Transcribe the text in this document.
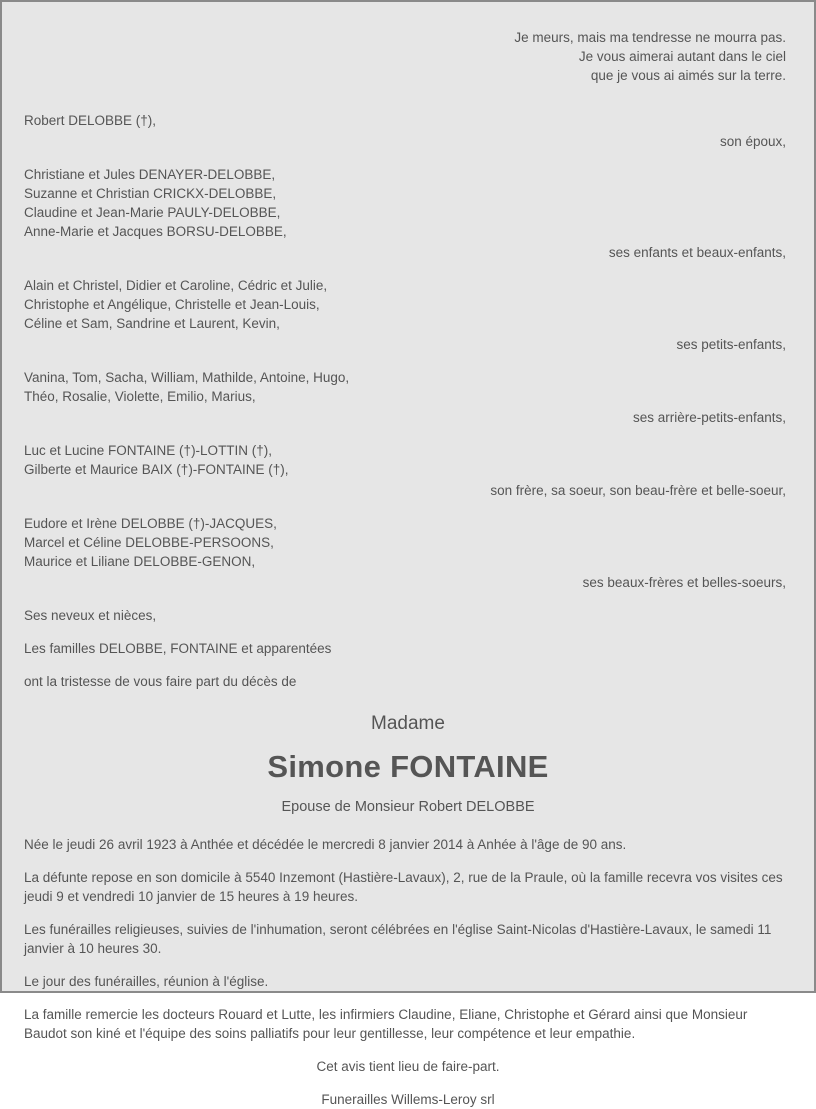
Je meurs, mais ma tendresse ne mourra pas.
Je vous aimerai autant dans le ciel
que je vous ai aimés sur la terre.
Robert DELOBBE (†),
son époux,
Christiane et Jules DENAYER-DELOBBE,
Suzanne et Christian CRICKX-DELOBBE,
Claudine et Jean-Marie PAULY-DELOBBE,
Anne-Marie et Jacques BORSU-DELOBBE,
ses enfants et beaux-enfants,
Alain et Christel, Didier et Caroline, Cédric et Julie,
Christophe et Angélique, Christelle et Jean-Louis,
Céline et Sam, Sandrine et Laurent, Kevin,
ses petits-enfants,
Vanina, Tom, Sacha, William, Mathilde, Antoine, Hugo,
Théo, Rosalie, Violette, Emilio, Marius,
ses arrière-petits-enfants,
Luc et Lucine FONTAINE (†)-LOTTIN (†),
Gilberte et Maurice BAIX (†)-FONTAINE (†),
son frère, sa soeur, son beau-frère et belle-soeur,
Eudore et Irène DELOBBE (†)-JACQUES,
Marcel et Céline DELOBBE-PERSOONS,
Maurice et Liliane DELOBBE-GENON,
ses beaux-frères et belles-soeurs,
Ses neveux et nièces,
Les familles DELOBBE, FONTAINE et apparentées
ont la tristesse de vous faire part du décès de
Madame
Simone FONTAINE
Epouse de Monsieur Robert DELOBBE
Née le jeudi 26 avril 1923 à Anthée et décédée le mercredi 8 janvier 2014 à Anhée à l'âge de 90 ans.
La défunte repose en son domicile à 5540 Inzemont (Hastière-Lavaux), 2, rue de la Praule, où la famille recevra vos visites ces jeudi 9 et vendredi 10 janvier de 15 heures à 19 heures.
Les funérailles religieuses, suivies de l'inhumation, seront célébrées en l'église Saint-Nicolas d'Hastière-Lavaux, le samedi 11 janvier à 10 heures 30.
Le jour des funérailles, réunion à l'église.
La famille remercie les docteurs Rouard et Lutte, les infirmiers Claudine, Eliane, Christophe et Gérard ainsi que Monsieur Baudot son kiné et l'équipe des soins palliatifs pour leur gentillesse, leur compétence et leur empathie.
Cet avis tient lieu de faire-part.
Funerailles Willems-Leroy srl
